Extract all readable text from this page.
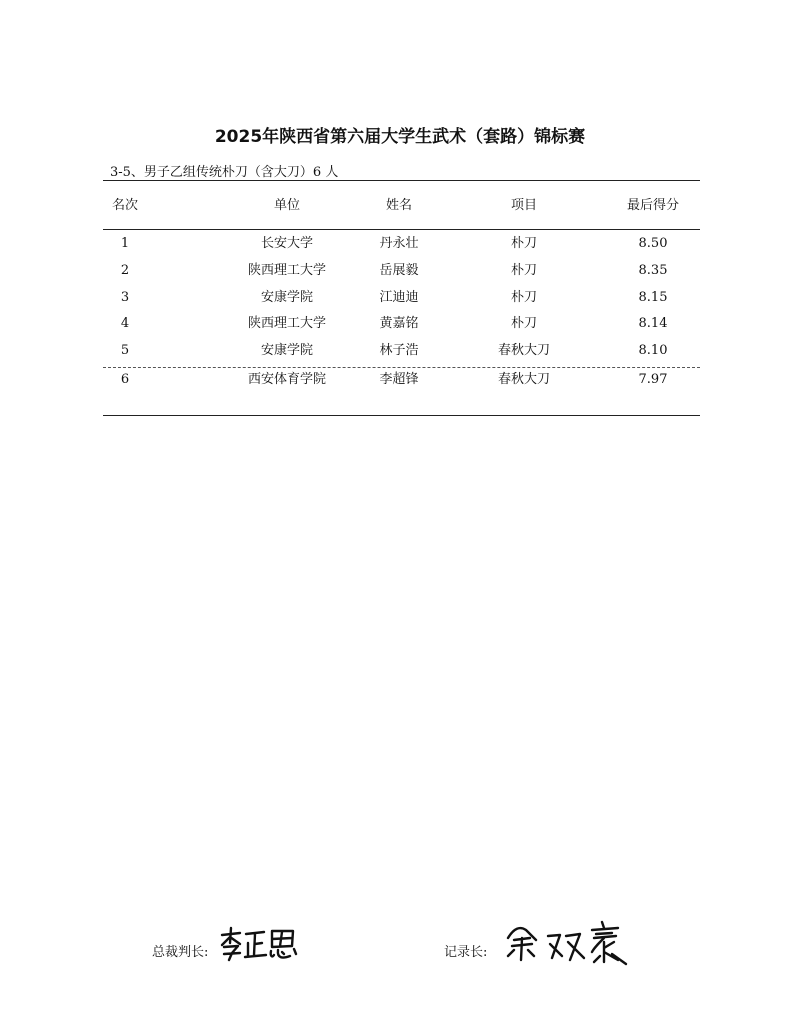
2025年陕西省第六届大学生武术（套路）锦标赛
3-5、男子乙组传统朴刀（含大刀）6 人
名次	单位	姓名	项目	最后得分
1	长安大学	丹永壮	朴刀	8.50
2	陕西理工大学	岳展毅	朴刀	8.35
3	安康学院	江迪迪	朴刀	8.15
4	陕西理工大学	黄嘉铭	朴刀	8.14
5	安康学院	林子浩	春秋大刀	8.10
6	西安体育学院	李超锋	春秋大刀	7.97
总裁判长:	记录长:
